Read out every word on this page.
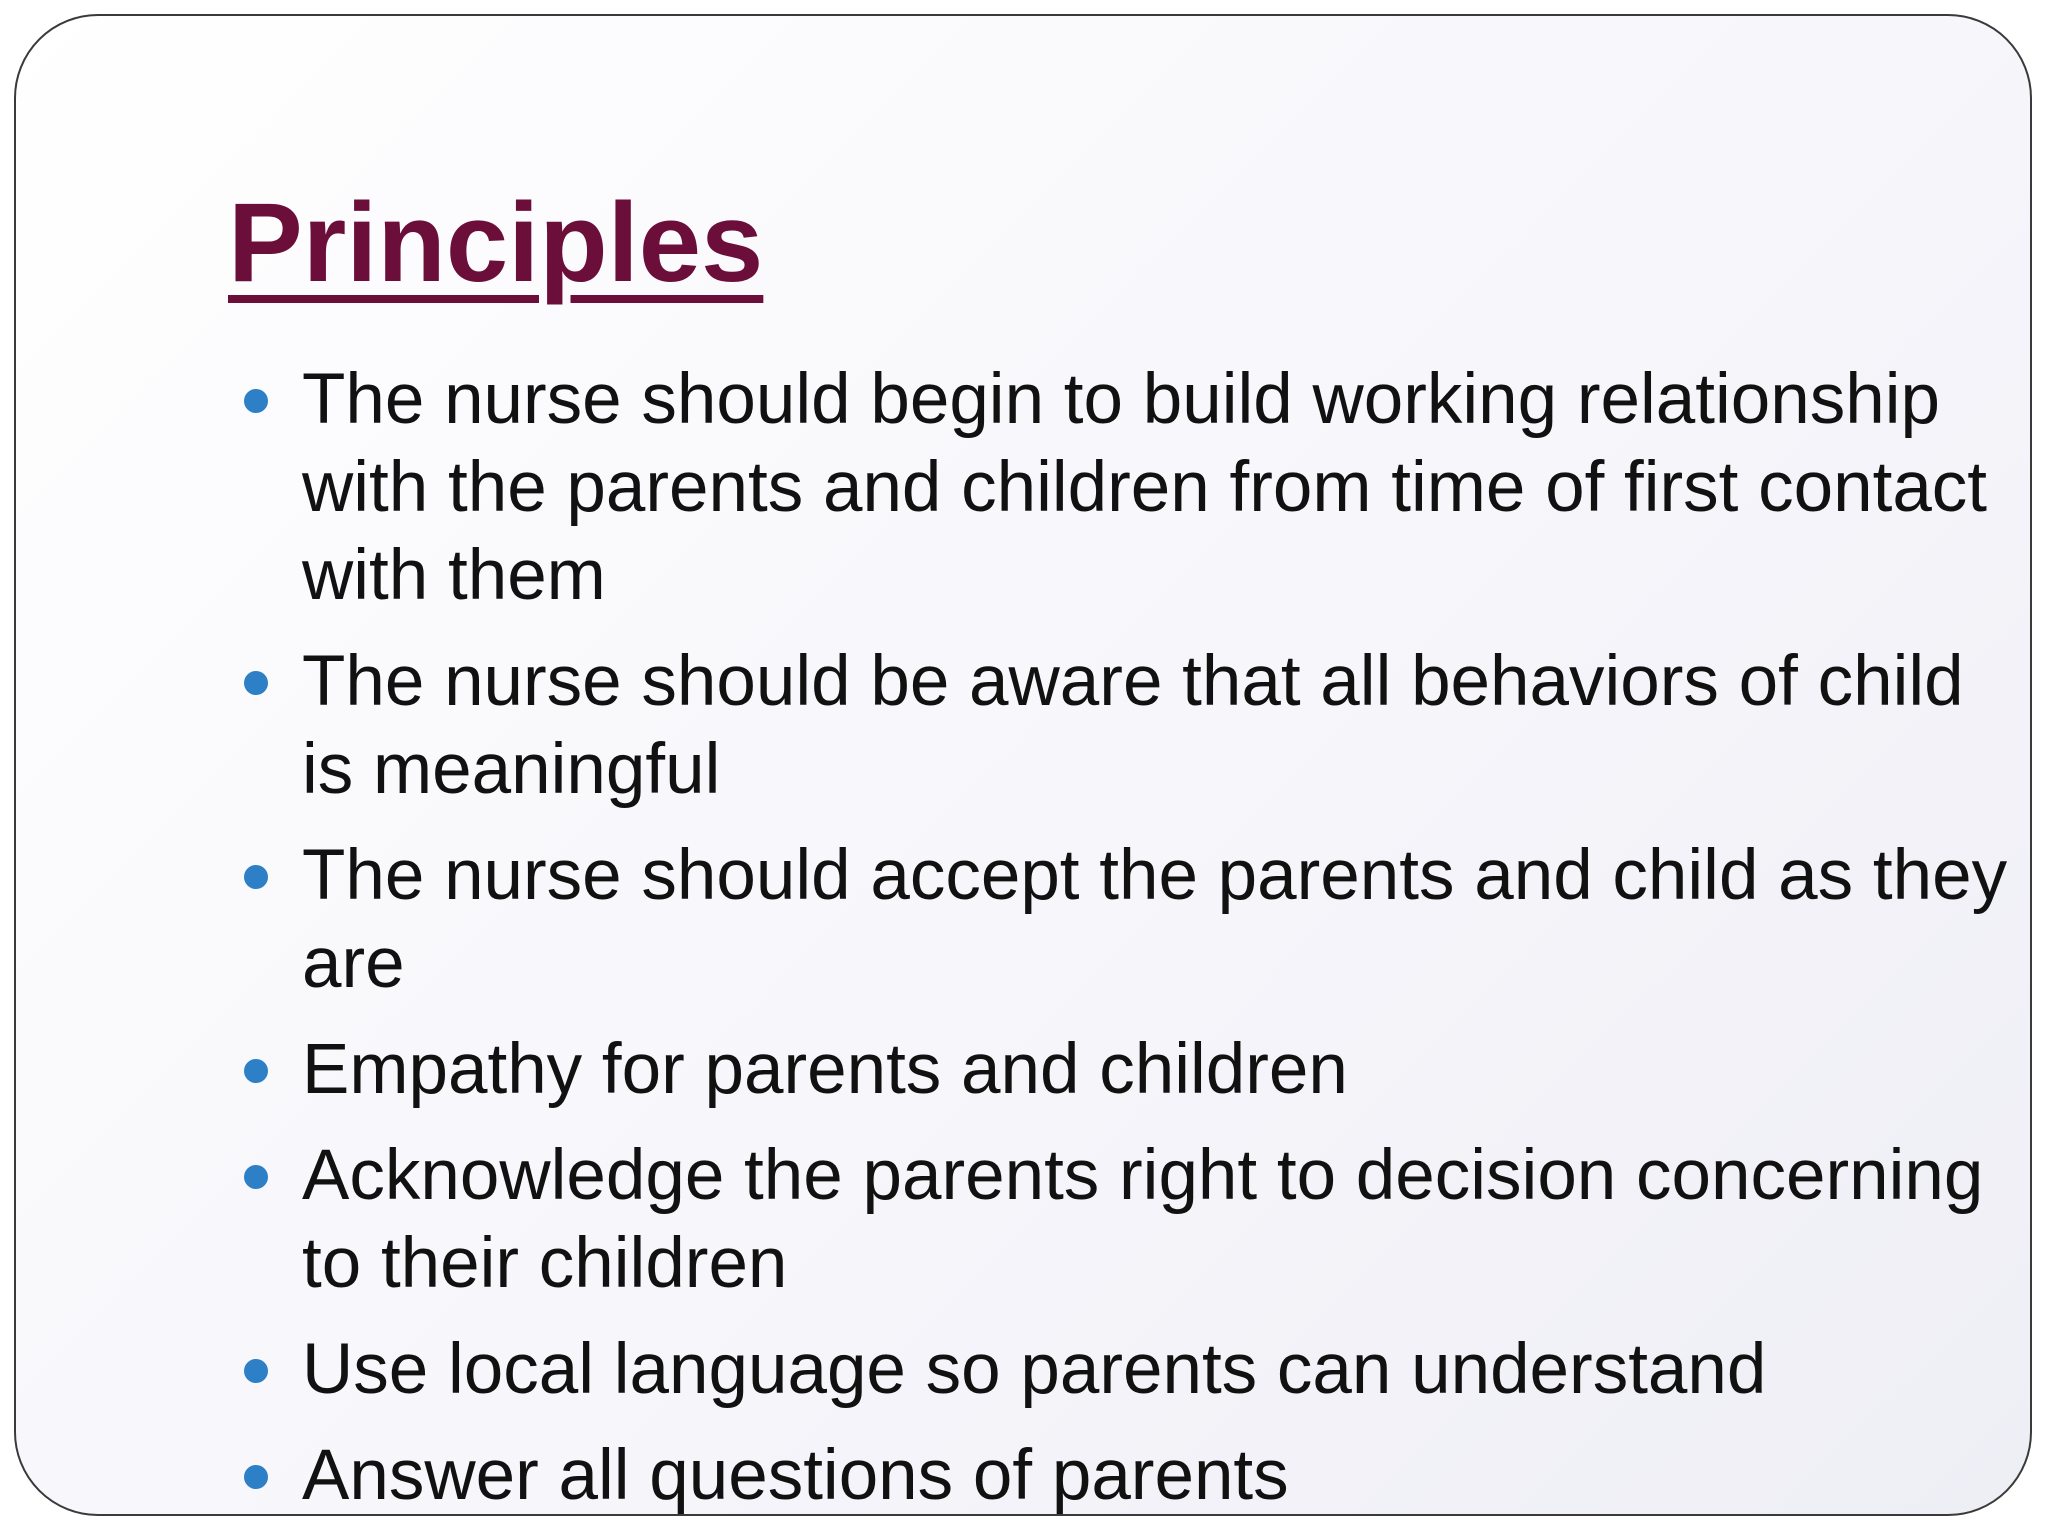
Principles
The nurse should begin to build working relationship with the parents and children from time of first contact with them
The nurse should be aware that all behaviors of child is meaningful
The nurse should accept the parents and child as they are
Empathy for parents and children
Acknowledge the parents right to decision concerning to their children
Use local language so parents can understand
Answer all questions of parents
